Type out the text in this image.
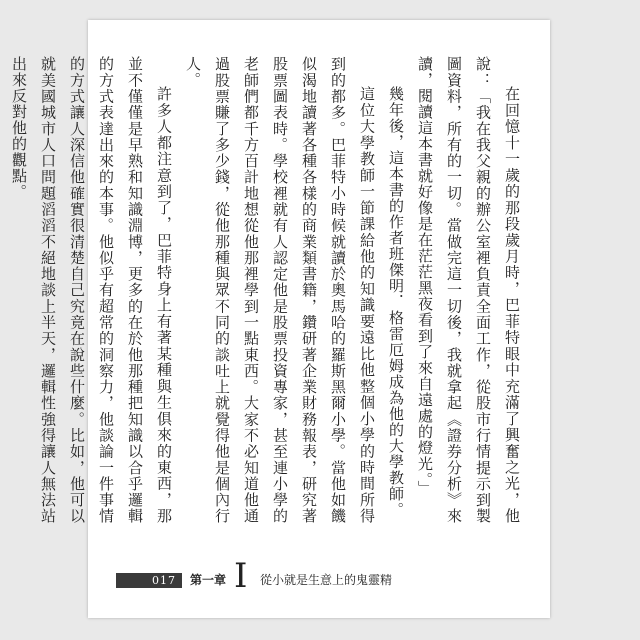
在回憶十一歲的那段歲月時，巴菲特眼中充滿了興奮之光，他說：「我在我父親的辦公室裡負責全面工作，從股市行情提示到製圖資料，所有的一切。當做完這一切後，我就拿起《證券分析》來讀，閱讀這本書就好像是在茫茫黑夜看到了來自遠處的燈光。」

幾年後，這本書的作者班傑明．格雷厄姆成為他的大學教師。

這位大學教師一節課給他的知識要遠比他整個小學的時間所得到的都多。巴菲特小時候就讀於奧馬哈的羅斯黑爾小學。當他如饑似渴地讀著各種各樣的商業類書籍，鑽研著企業財務報表，研究著股票圖表時。學校裡就有人認定他是股票投資專家，甚至連小學的老師們都千方百計地想從他那裡學到一點東西。大家不必知道他通過股票賺了多少錢，從他那種與眾不同的談吐上就覺得他是個內行人。

許多人都注意到了，巴菲特身上有著某種與生俱來的東西，那並不僅僅是早熟和知識淵博，更多的在於他那種把知識以合乎邏輯的方式表達出來的本事。他似乎有超常的洞察力，他談論一件事情的方式讓人深信他確實很清楚自己究竟在說些什麼。比如，他可以就美國城市人口問題滔滔不絕地談上半天，邏輯性強得讓人無法站出來反對他的觀點。

017	第一章 I 從小就是生意上的鬼靈精
